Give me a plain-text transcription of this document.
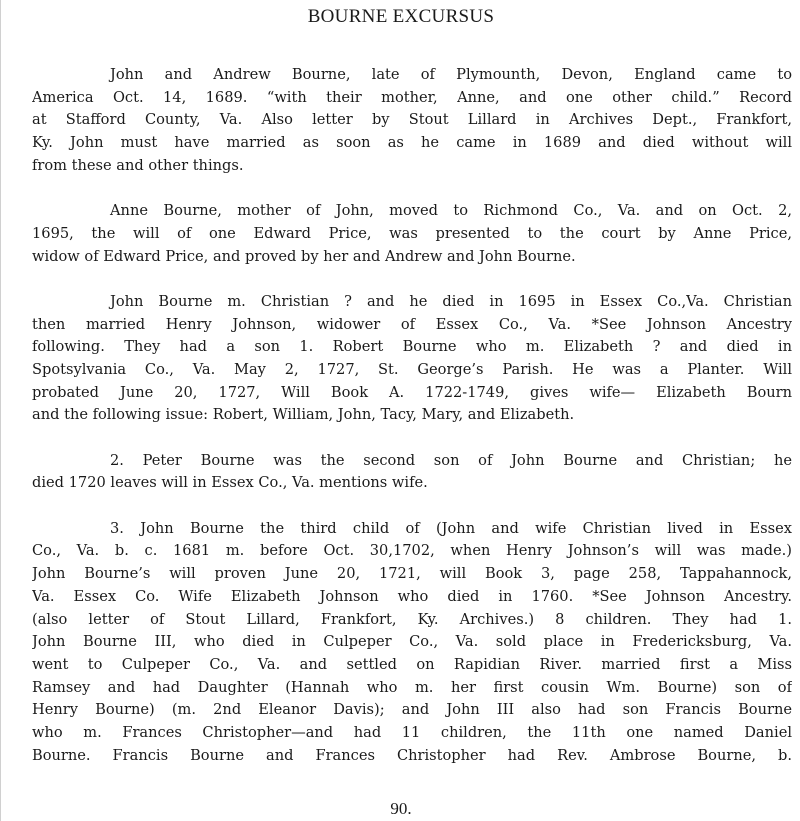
BOURNE EXCURSUS

John and Andrew Bourne, late of Plymounth, Devon, England came to
America Oct. 14, 1689. “with their mother, Anne, and one other child.” Record
at Stafford County, Va. Also letter by Stout Lillard in Archives Dept., Frankfort,
Ky. John must have married as soon as he came in 1689 and died without will
from these and other things.

Anne Bourne, mother of John, moved to Richmond Co., Va. and on Oct. 2,
1695, the will of one Edward Price, was presented to the court by Anne Price,
widow of Edward Price, and proved by her and Andrew and John Bourne.

John Bourne m. Christian ? and he died in 1695 in Essex Co.,Va. Christian
then married Henry Johnson, widower of Essex Co., Va. *See Johnson Ancestry
following. They had a son 1. Robert Bourne who m. Elizabeth ? and died in
Spotsylvania Co., Va. May 2, 1727, St. George’s Parish. He was a Planter. Will
probated June 20, 1727, Will Book A. 1722-1749, gives wife— Elizabeth Bourn
and the following issue: Robert, William, John, Tacy, Mary, and Elizabeth.

2. Peter Bourne was the second son of John Bourne and Christian; he
died 1720 leaves will in Essex Co., Va. mentions wife.

3. John Bourne the third child of (John and wife Christian lived in Essex
Co., Va. b. c. 1681 m. before Oct. 30,1702, when Henry Johnson’s will was made.)
John Bourne’s will proven June 20, 1721, will Book 3, page 258, Tappahannock,
Va. Essex Co. Wife Elizabeth Johnson who died in 1760. *See Johnson Ancestry.
(also letter of Stout Lillard, Frankfort, Ky. Archives.) 8 children. They had 1.
John Bourne III, who died in Culpeper Co., Va. sold place in Fredericksburg, Va.
went to Culpeper Co., Va. and settled on Rapidian River. married first a Miss
Ramsey and had Daughter (Hannah who m. her first cousin Wm. Bourne) son of
Henry Bourne) (m. 2nd Eleanor Davis); and John III also had son Francis Bourne
who m. Frances Christopher—and had 11 children, the 11th one named Daniel
Bourne. Francis Bourne and Frances Christopher had Rev. Ambrose Bourne, b.

90.
